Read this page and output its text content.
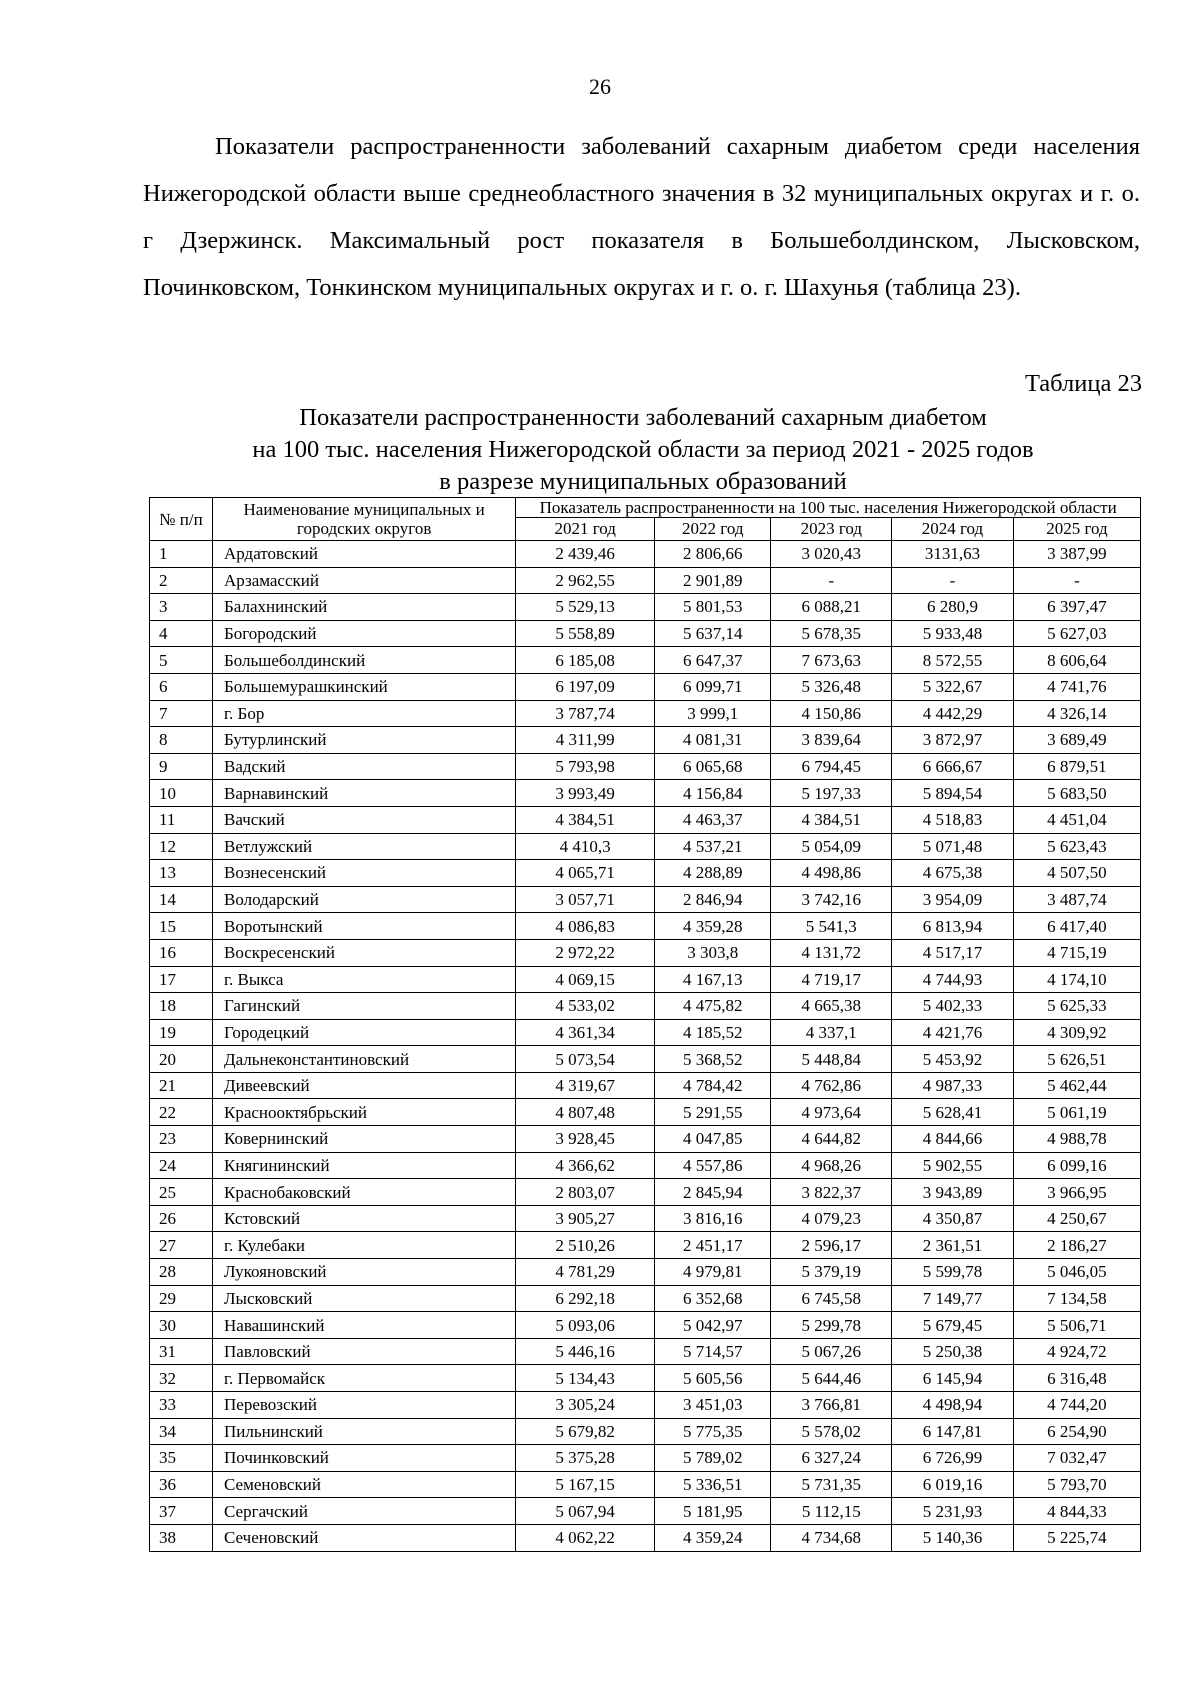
26

Показатели распространенности заболеваний сахарным диабетом среди населения Нижегородской области выше среднеобластного значения в 32 муниципальных округах и г. о. г Дзержинск. Максимальный рост показателя в Большеболдинском, Лысковском, Починковском, Тонкинском муниципальных округах и г. о. г. Шахунья (таблица 23).

Таблица 23
Показатели распространенности заболеваний сахарным диабетом
на 100 тыс. населения Нижегородской области за период 2021 - 2025 годов
в разрезе муниципальных образований
№ п/п	Наименование муниципальных и городских округов	Показатель распространенности на 100 тыс. населения Нижегородской области				
		2021 год	2022 год	2023 год	2024 год	2025 год
1	Ардатовский	2 439,46	2 806,66	3 020,43	3131,63	3 387,99
2	Арзамасский	2 962,55	2 901,89	-	-	-
3	Балахнинский	5 529,13	5 801,53	6 088,21	6 280,9	6 397,47
4	Богородский	5 558,89	5 637,14	5 678,35	5 933,48	5 627,03
5	Большеболдинский	6 185,08	6 647,37	7 673,63	8 572,55	8 606,64
6	Большемурашкинский	6 197,09	6 099,71	5 326,48	5 322,67	4 741,76
7	г. Бор	3 787,74	3 999,1	4 150,86	4 442,29	4 326,14
8	Бутурлинский	4 311,99	4 081,31	3 839,64	3 872,97	3 689,49
9	Вадский	5 793,98	6 065,68	6 794,45	6 666,67	6 879,51
10	Варнавинский	3 993,49	4 156,84	5 197,33	5 894,54	5 683,50
11	Вачский	4 384,51	4 463,37	4 384,51	4 518,83	4 451,04
12	Ветлужский	4 410,3	4 537,21	5 054,09	5 071,48	5 623,43
13	Вознесенский	4 065,71	4 288,89	4 498,86	4 675,38	4 507,50
14	Володарский	3 057,71	2 846,94	3 742,16	3 954,09	3 487,74
15	Воротынский	4 086,83	4 359,28	5 541,3	6 813,94	6 417,40
16	Воскресенский	2 972,22	3 303,8	4 131,72	4 517,17	4 715,19
17	г. Выкса	4 069,15	4 167,13	4 719,17	4 744,93	4 174,10
18	Гагинский	4 533,02	4 475,82	4 665,38	5 402,33	5 625,33
19	Городецкий	4 361,34	4 185,52	4 337,1	4 421,76	4 309,92
20	Дальнеконстантиновский	5 073,54	5 368,52	5 448,84	5 453,92	5 626,51
21	Дивеевский	4 319,67	4 784,42	4 762,86	4 987,33	5 462,44
22	Краснооктябрьский	4 807,48	5 291,55	4 973,64	5 628,41	5 061,19
23	Ковернинский	3 928,45	4 047,85	4 644,82	4 844,66	4 988,78
24	Княгининский	4 366,62	4 557,86	4 968,26	5 902,55	6 099,16
25	Краснобаковский	2 803,07	2 845,94	3 822,37	3 943,89	3 966,95
26	Кстовский	3 905,27	3 816,16	4 079,23	4 350,87	4 250,67
27	г. Кулебаки	2 510,26	2 451,17	2 596,17	2 361,51	2 186,27
28	Лукояновский	4 781,29	4 979,81	5 379,19	5 599,78	5 046,05
29	Лысковский	6 292,18	6 352,68	6 745,58	7 149,77	7 134,58
30	Навашинский	5 093,06	5 042,97	5 299,78	5 679,45	5 506,71
31	Павловский	5 446,16	5 714,57	5 067,26	5 250,38	4 924,72
32	г. Первомайск	5 134,43	5 605,56	5 644,46	6 145,94	6 316,48
33	Перевозский	3 305,24	3 451,03	3 766,81	4 498,94	4 744,20
34	Пильнинский	5 679,82	5 775,35	5 578,02	6 147,81	6 254,90
35	Починковский	5 375,28	5 789,02	6 327,24	6 726,99	7 032,47
36	Семеновский	5 167,15	5 336,51	5 731,35	6 019,16	5 793,70
37	Сергачский	5 067,94	5 181,95	5 112,15	5 231,93	4 844,33
38	Сеченовский	4 062,22	4 359,24	4 734,68	5 140,36	5 225,74
